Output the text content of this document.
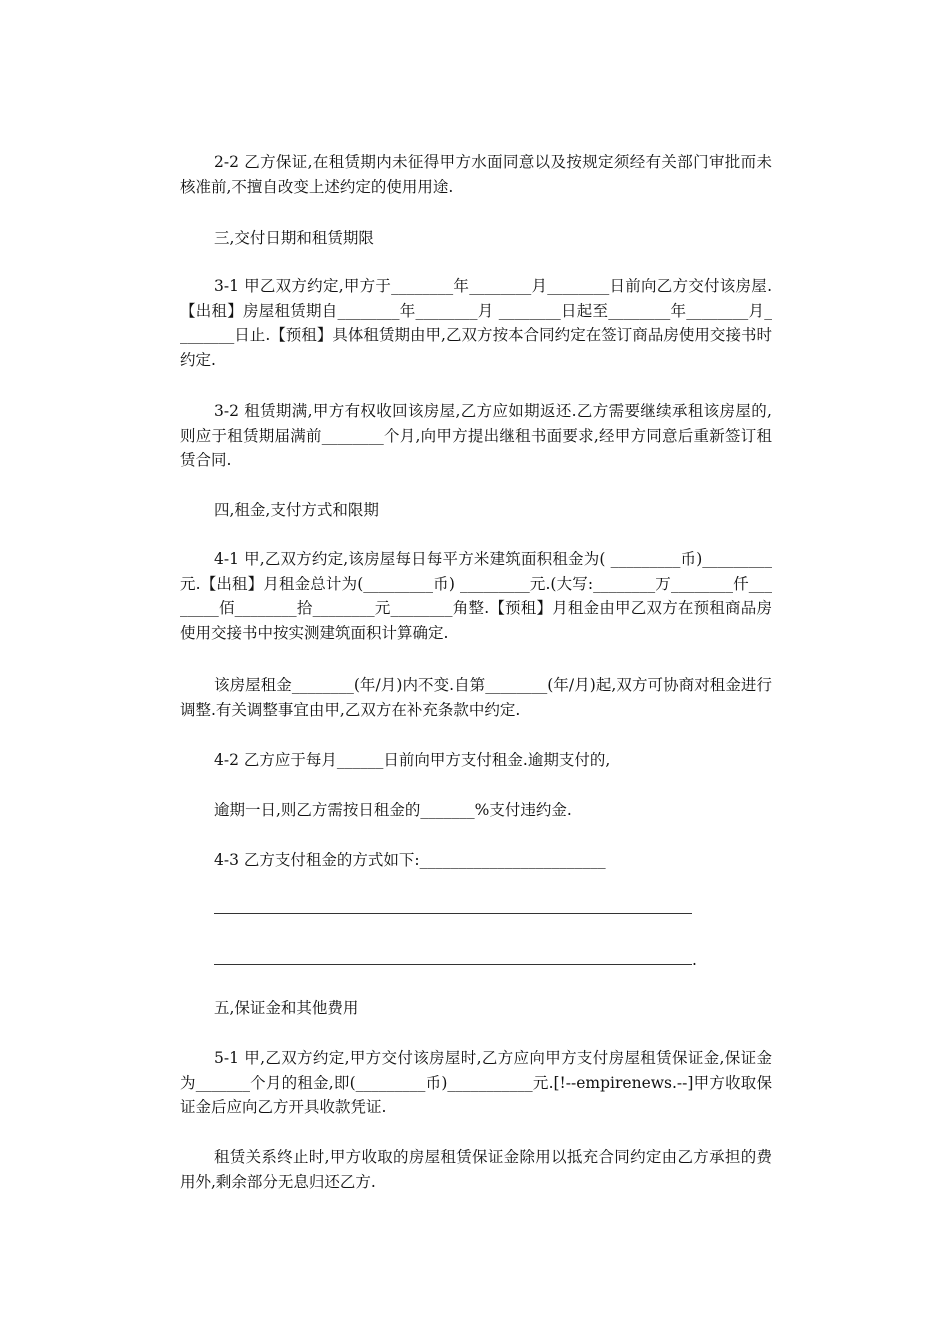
2-2 乙方保证,在租赁期内未征得甲方水面同意以及按规定须经有关部门审批而未核准前,不擅自改变上述约定的使用用途.
三,交付日期和租赁期限
3-1 甲乙双方约定,甲方于________年________月________日前向乙方交付该房屋.【出租】房屋租赁期自________年________月 ________日起至________年________月________日止.【预租】具体租赁期由甲,乙双方按本合同约定在签订商品房使用交接书时约定.
3-2 租赁期满,甲方有权收回该房屋,乙方应如期返还.乙方需要继续承租该房屋的,则应于租赁期届满前________个月,向甲方提出继租书面要求,经甲方同意后重新签订租赁合同.
四,租金,支付方式和限期
4-1 甲,乙双方约定,该房屋每日每平方米建筑面积租金为( _________币)_________元.【出租】月租金总计为(_________币) _________元.(大写:________万________仟________佰________拾________元________角整.【预租】月租金由甲乙双方在预租商品房使用交接书中按实测建筑面积计算确定.
该房屋租金________(年/月)内不变.自第________(年/月)起,双方可协商对租金进行调整.有关调整事宜由甲,乙双方在补充条款中约定.
4-2 乙方应于每月______日前向甲方支付租金.逾期支付的,
逾期一日,则乙方需按日租金的_______%支付违约金.
4-3 乙方支付租金的方式如下:________________________
.
五,保证金和其他费用
5-1 甲,乙双方约定,甲方交付该房屋时,乙方应向甲方支付房屋租赁保证金,保证金为_______个月的租金,即(_________币)___________元.[!--empirenews.--]甲方收取保证金后应向乙方开具收款凭证.
租赁关系终止时,甲方收取的房屋租赁保证金除用以抵充合同约定由乙方承担的费用外,剩余部分无息归还乙方.
